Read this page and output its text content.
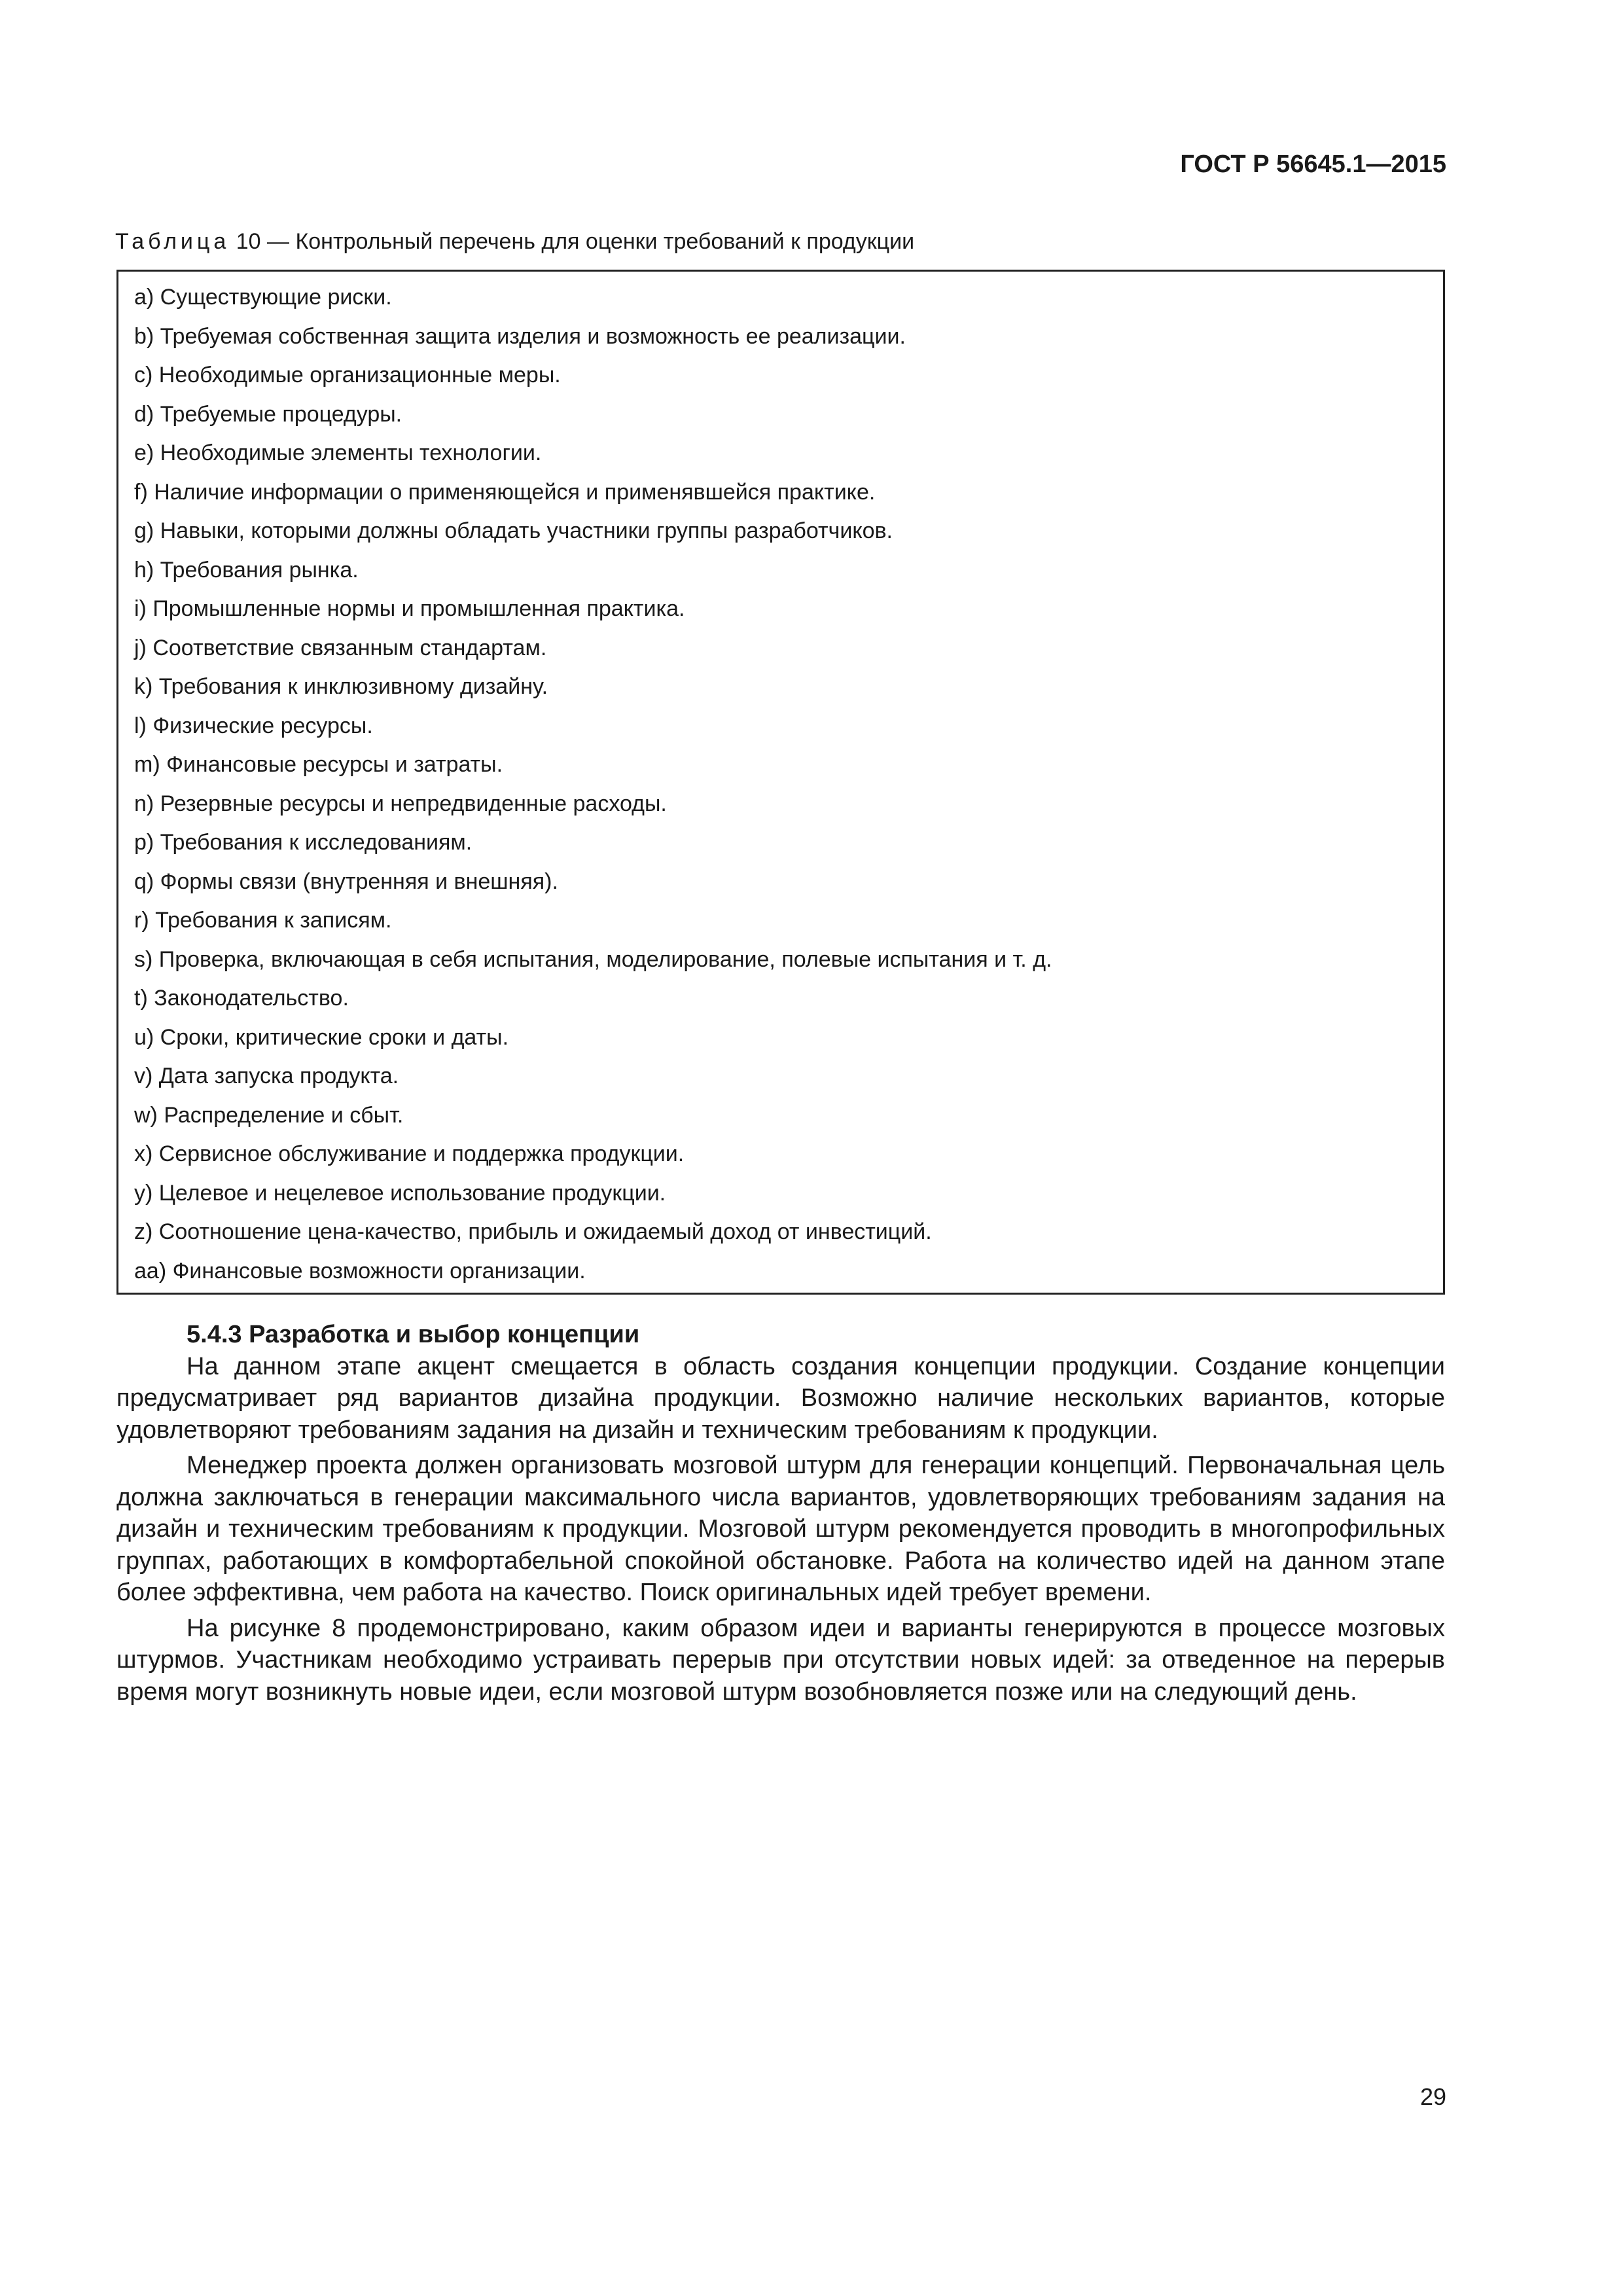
ГОСТ Р 56645.1—2015
Таблица 10 — Контрольный перечень для оценки требований к продукции
a) Существующие риски.
b) Требуемая собственная защита изделия и возможность ее реализации.
c) Необходимые организационные меры.
d) Требуемые процедуры.
e) Необходимые элементы технологии.
f) Наличие информации о применяющейся и применявшейся практике.
g) Навыки, которыми должны обладать участники группы разработчиков.
h) Требования рынка.
i) Промышленные нормы и промышленная практика.
j) Соответствие связанным стандартам.
k) Требования к инклюзивному дизайну.
l) Физические ресурсы.
m) Финансовые ресурсы и затраты.
n) Резервные ресурсы и непредвиденные расходы.
p) Требования к исследованиям.
q) Формы связи (внутренняя и внешняя).
r) Требования к записям.
s) Проверка, включающая в себя испытания, моделирование, полевые испытания и т. д.
t) Законодательство.
u) Сроки, критические сроки и даты.
v) Дата запуска продукта.
w) Распределение и сбыт.
x) Сервисное обслуживание и поддержка продукции.
y) Целевое и нецелевое использование продукции.
z) Соотношение цена-качество, прибыль и ожидаемый доход от инвестиций.
aa) Финансовые возможности организации.
5.4.3 Разработка и выбор концепции

На данном этапе акцент смещается в область создания концепции продукции. Создание концепции предусматривает ряд вариантов дизайна продукции. Возможно наличие нескольких вариантов, которые удовлетворяют требованиям задания на дизайн и техническим требованиям к продукции.

Менеджер проекта должен организовать мозговой штурм для генерации концепций. Первоначальная цель должна заключаться в генерации максимального числа вариантов, удовлетворяющих требованиям задания на дизайн и техническим требованиям к продукции. Мозговой штурм рекомендуется проводить в многопрофильных группах, работающих в комфортабельной спокойной обстановке. Работа на количество идей на данном этапе более эффективна, чем работа на качество. Поиск оригинальных идей требует времени.

На рисунке 8 продемонстрировано, каким образом идеи и варианты генерируются в процессе мозговых штурмов. Участникам необходимо устраивать перерыв при отсутствии новых идей: за отведенное на перерыв время могут возникнуть новые идеи, если мозговой штурм возобновляется позже или на следующий день.

29
